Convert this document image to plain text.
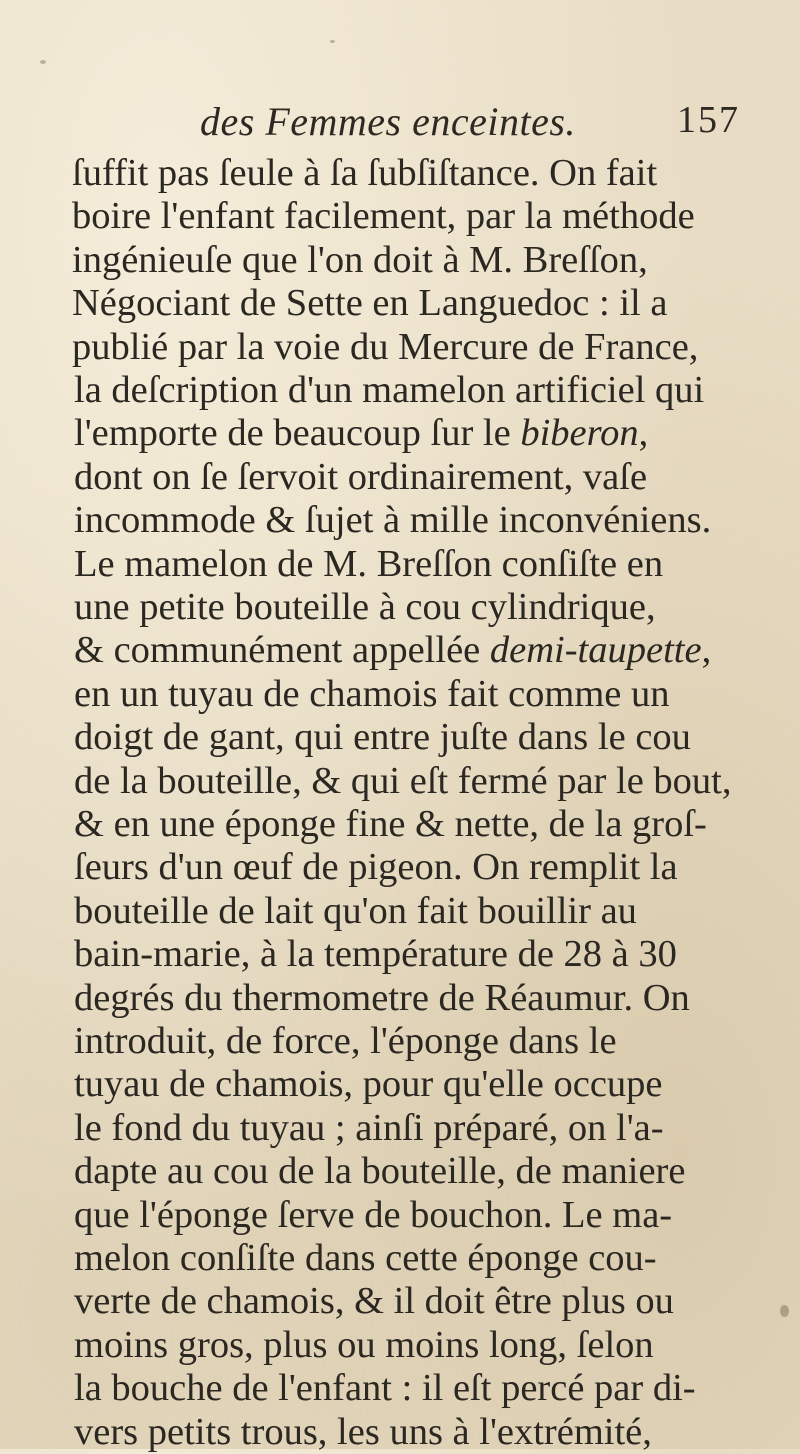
des Femmes enceintes.	157
ſuffit pas ſeule à ſa ſubſiſtance. On fait
boire l'enfant facilement, par la méthode
ingénieuſe que l'on doit à M. Breſſon,
Négociant de Sette en Languedoc : il a
publié par la voie du Mercure de France,
la deſcription d'un mamelon artificiel qui
l'emporte de beaucoup ſur le biberon,
dont on ſe ſervoit ordinairement, vaſe
incommode & ſujet à mille inconvéniens.
Le mamelon de M. Breſſon conſiſte en
une petite bouteille à cou cylindrique,
& communément appellée demi-taupette,
en un tuyau de chamois fait comme un
doigt de gant, qui entre juſte dans le cou
de la bouteille, & qui eſt fermé par le bout,
& en une éponge fine & nette, de la groſ-
ſeurs d'un œuf de pigeon. On remplit la
bouteille de lait qu'on fait bouillir au
bain-marie, à la température de 28 à 30
degrés du thermometre de Réaumur. On
introduit, de force, l'éponge dans le
tuyau de chamois, pour qu'elle occupe
le fond du tuyau ; ainſi préparé, on l'a-
dapte au cou de la bouteille, de maniere
que l'éponge ſerve de bouchon. Le ma-
melon conſiſte dans cette éponge cou-
verte de chamois, & il doit être plus ou
moins gros, plus ou moins long, ſelon
la bouche de l'enfant : il eſt percé par di-
vers petits trous, les uns à l'extrémité,
